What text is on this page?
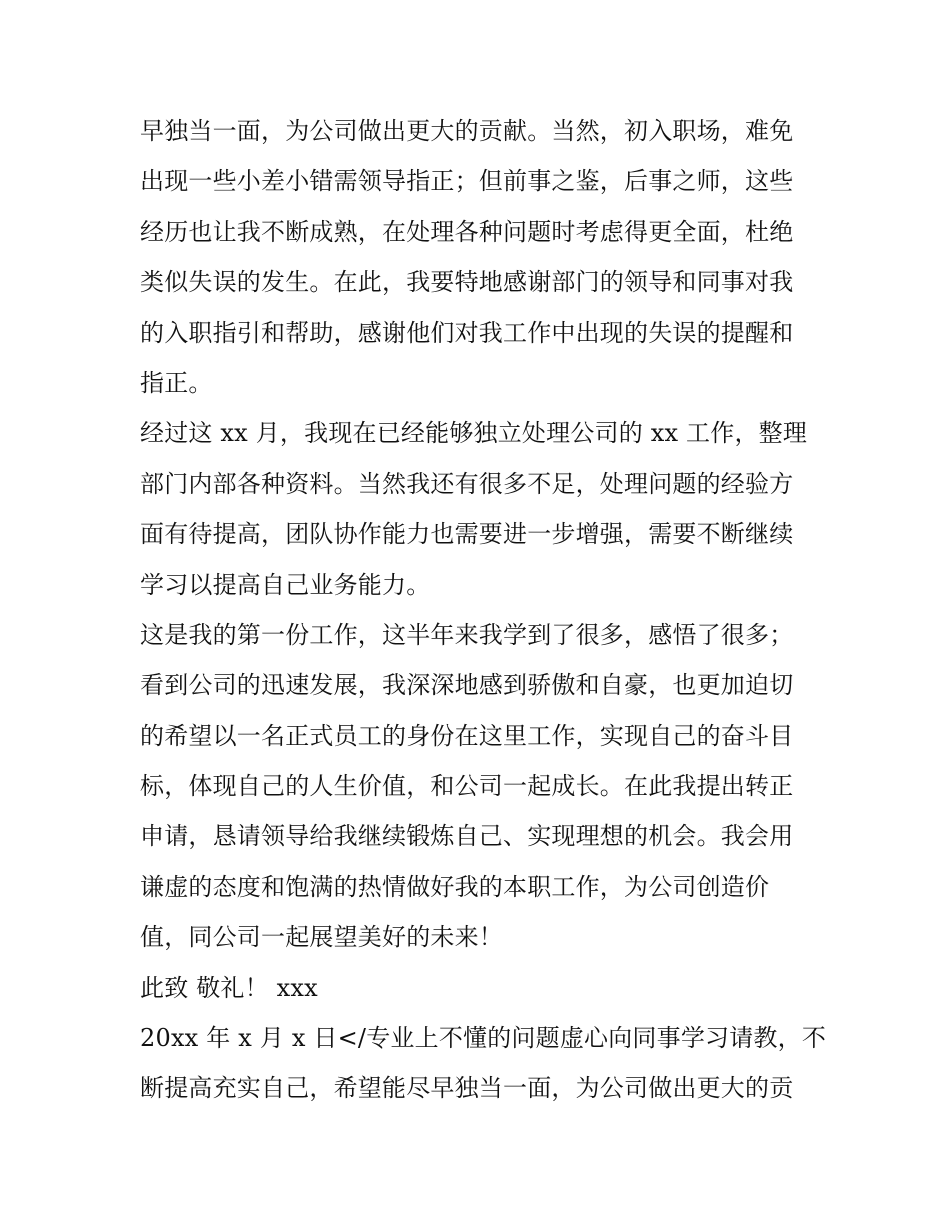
早独当一面，为公司做出更大的贡献。当然，初入职场，难免
出现一些小差小错需领导指正；但前事之鉴，后事之师，这些
经历也让我不断成熟，在处理各种问题时考虑得更全面，杜绝
类似失误的发生。在此，我要特地感谢部门的领导和同事对我
的入职指引和帮助，感谢他们对我工作中出现的失误的提醒和
指正。
经过这 xx 月，我现在已经能够独立处理公司的 xx 工作，整理
部门内部各种资料。当然我还有很多不足，处理问题的经验方
面有待提高，团队协作能力也需要进一步增强，需要不断继续
学习以提高自己业务能力。
这是我的第一份工作，这半年来我学到了很多，感悟了很多；
看到公司的迅速发展，我深深地感到骄傲和自豪，也更加迫切
的希望以一名正式员工的身份在这里工作，实现自己的奋斗目
标，体现自己的人生价值，和公司一起成长。在此我提出转正
申请，恳请领导给我继续锻炼自己、实现理想的机会。我会用
谦虚的态度和饱满的热情做好我的本职工作，为公司创造价
值，同公司一起展望美好的未来！
此致 敬礼！ xxx
20xx 年 x 月 x 日</专业上不懂的问题虚心向同事学习请教，不
断提高充实自己，希望能尽早独当一面，为公司做出更大的贡
